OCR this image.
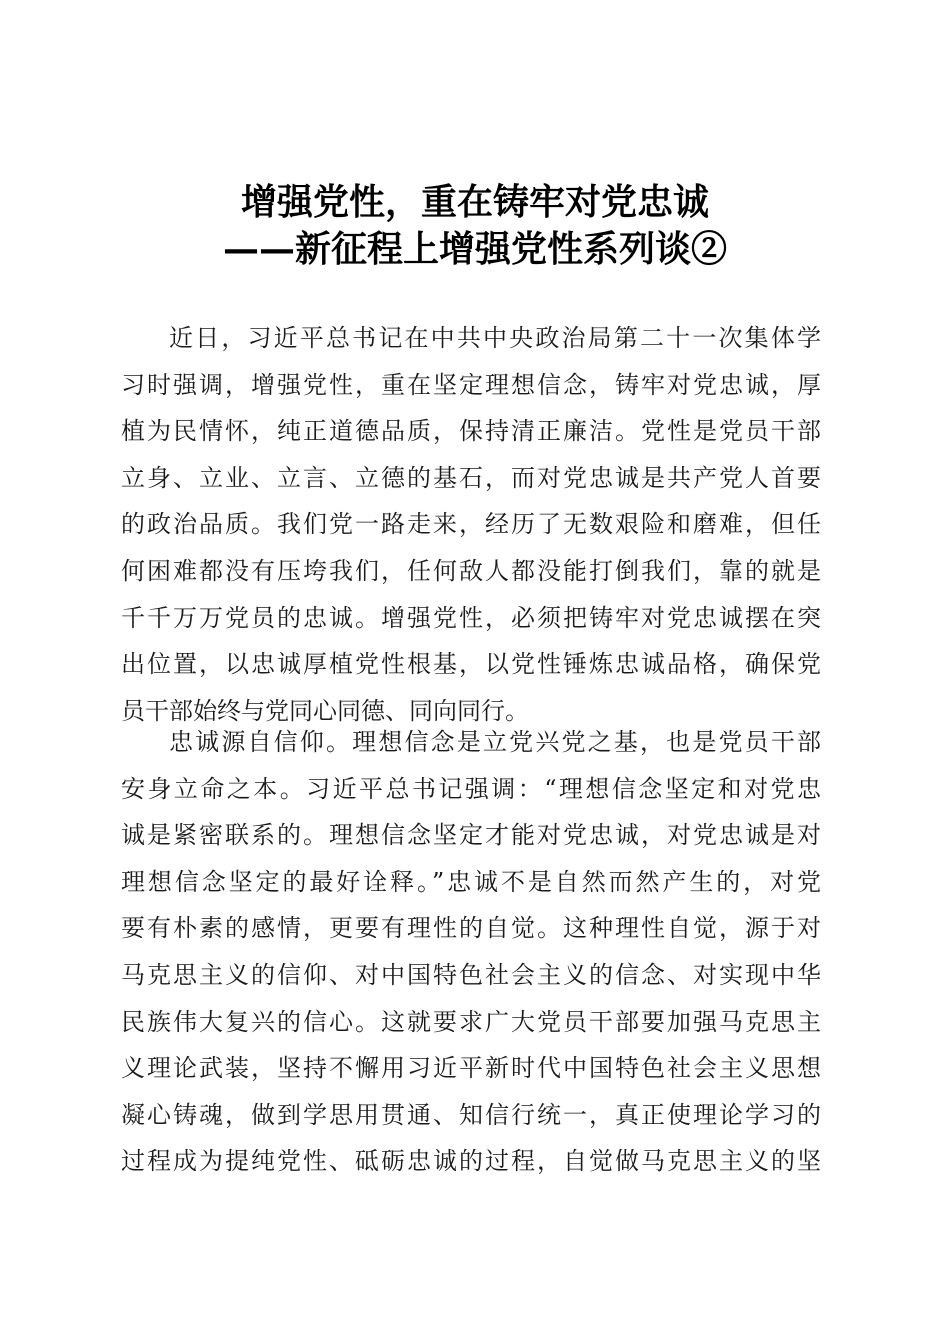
增强党性，重在铸牢对党忠诚
——新征程上增强党性系列谈②
近日，习近平总书记在中共中央政治局第二十一次集体学
习时强调，增强党性，重在坚定理想信念，铸牢对党忠诚，厚
植为民情怀，纯正道德品质，保持清正廉洁。党性是党员干部
立身、立业、立言、立德的基石，而对党忠诚是共产党人首要
的政治品质。我们党一路走来，经历了无数艰险和磨难，但任
何困难都没有压垮我们，任何敌人都没能打倒我们，靠的就是
千千万万党员的忠诚。增强党性，必须把铸牢对党忠诚摆在突
出位置，以忠诚厚植党性根基，以党性锤炼忠诚品格，确保党
员干部始终与党同心同德、同向同行。
忠诚源自信仰。理想信念是立党兴党之基，也是党员干部
安身立命之本。习近平总书记强调：“理想信念坚定和对党忠
诚是紧密联系的。理想信念坚定才能对党忠诚，对党忠诚是对
理想信念坚定的最好诠释。”忠诚不是自然而然产生的，对党
要有朴素的感情，更要有理性的自觉。这种理性自觉，源于对
马克思主义的信仰、对中国特色社会主义的信念、对实现中华
民族伟大复兴的信心。这就要求广大党员干部要加强马克思主
义理论武装，坚持不懈用习近平新时代中国特色社会主义思想
凝心铸魂，做到学思用贯通、知信行统一，真正使理论学习的
过程成为提纯党性、砥砺忠诚的过程，自觉做马克思主义的坚
